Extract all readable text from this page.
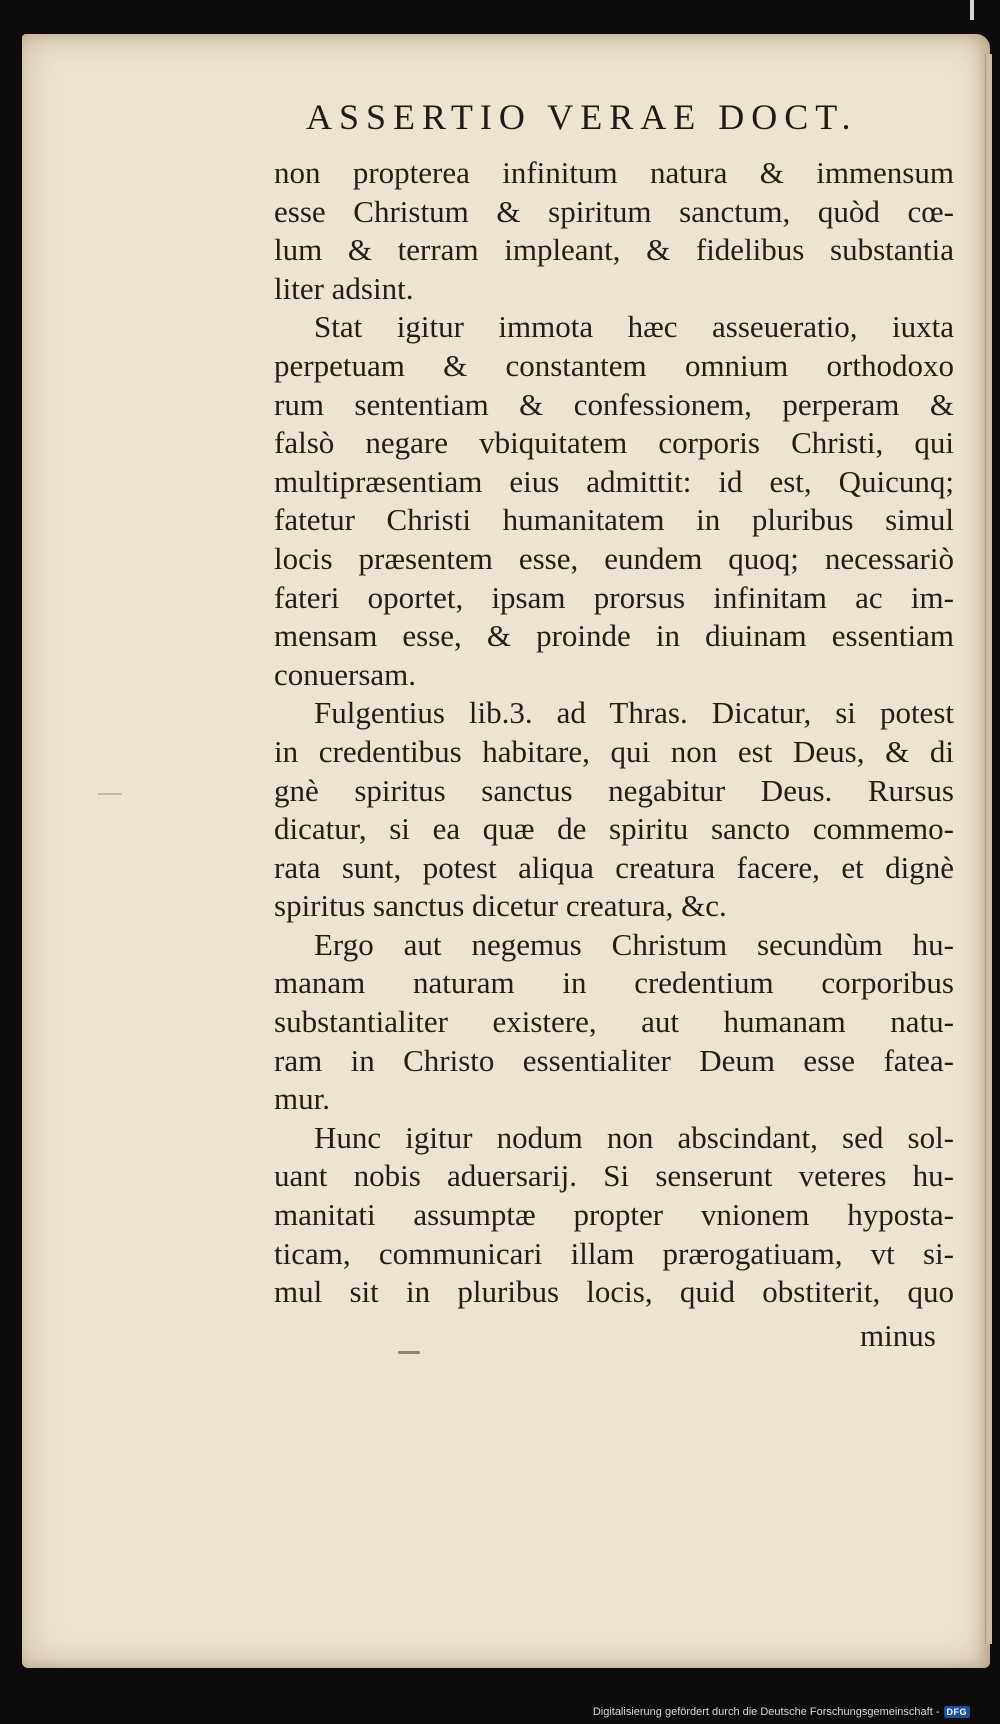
ASSERTIO VERAE DOCT.
non propterea infinitum natura & immensum
esse Christum & spiritum sanctum, quòd cœ-
lum & terram impleant, & fidelibus substantia
liter adsint.
Stat igitur immota hæc asseueratio, iuxta
perpetuam & constantem omnium orthodoxo
rum sententiam & confessionem, perperam &
falsò negare vbiquitatem corporis Christi, qui
multipræsentiam eius admittit: id est, Quicunq;
fatetur Christi humanitatem in pluribus simul
locis præsentem esse, eundem quoq; necessariò
fateri oportet, ipsam prorsus infinitam ac im-
mensam esse, & proinde in diuinam essentiam
conuersam.
Fulgentius lib.3. ad Thras. Dicatur, si potest
in credentibus habitare, qui non est Deus, & di
gnè spiritus sanctus negabitur Deus. Rursus
dicatur, si ea quæ de spiritu sancto commemo-
rata sunt, potest aliqua creatura facere, et dignè
spiritus sanctus dicetur creatura, &c.
Ergo aut negemus Christum secundùm hu-
manam naturam in credentium corporibus
substantialiter existere, aut humanam natu-
ram in Christo essentialiter Deum esse fatea-
mur.
Hunc igitur nodum non abscindant, sed sol-
uant nobis aduersarij. Si senserunt veteres hu-
manitati assumptæ propter vnionem hyposta-
ticam, communicari illam prærogatiuam, vt si-
mul sit in pluribus locis, quid obstiterit, quo
minus
Digitalisierung gefördert durch die Deutsche Forschungsgemeinschaft - DFG
